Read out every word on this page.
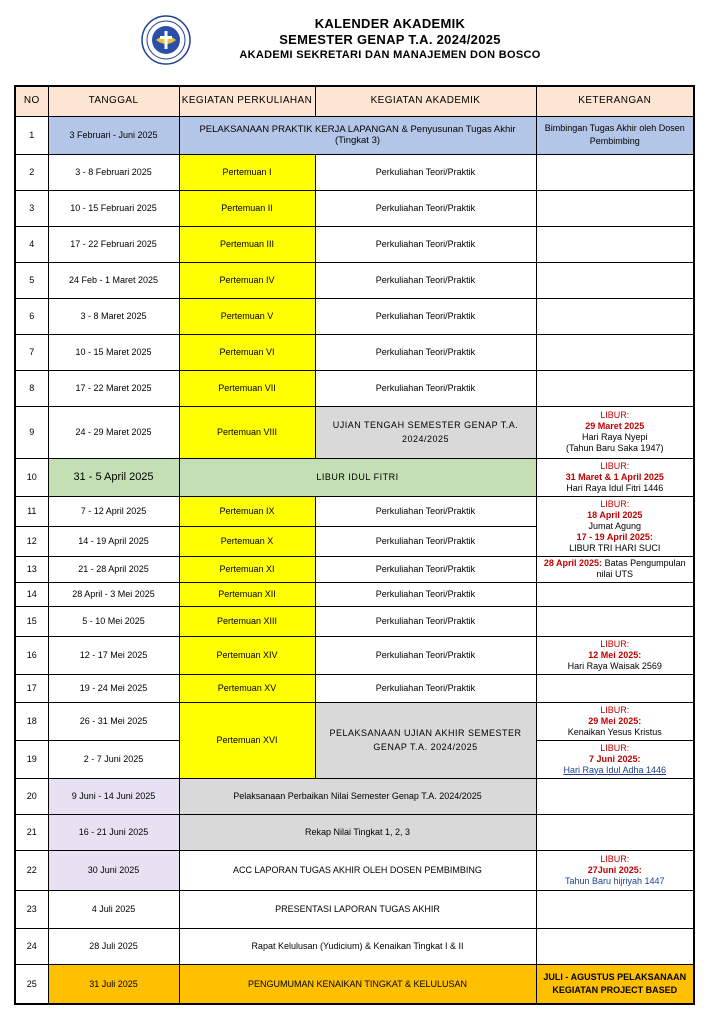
KALENDER AKADEMIK
SEMESTER GENAP T.A. 2024/2025
AKADEMI SEKRETARI DAN MANAJEMEN DON BOSCO
NO	TANGGAL	KEGIATAN PERKULIAHAN	KEGIATAN AKADEMIK	KETERANGAN
1	3 Februari - Juni 2025	PELAKSANAAN PRAKTIK KERJA LAPANGAN & Penyusunan Tugas Akhir (Tingkat 3)		Bimbingan Tugas Akhir oleh Dosen Pembimbing
2	3 - 8 Februari 2025	Pertemuan I	Perkuliahan Teori/Praktik	
3	10 - 15 Februari 2025	Pertemuan II	Perkuliahan Teori/Praktik	
4	17 - 22 Februari 2025	Pertemuan III	Perkuliahan Teori/Praktik	
5	24 Feb - 1 Maret 2025	Pertemuan IV	Perkuliahan Teori/Praktik	
6	3 - 8 Maret 2025	Pertemuan V	Perkuliahan Teori/Praktik	
7	10 - 15 Maret 2025	Pertemuan VI	Perkuliahan Teori/Praktik	
8	17 - 22 Maret 2025	Pertemuan VII	Perkuliahan Teori/Praktik	
9	24 - 29 Maret 2025	Pertemuan VIII	UJIAN TENGAH SEMESTER GENAP T.A. 2024/2025	LIBUR:
29 Maret 2025
Hari Raya Nyepi
(Tahun Baru Saka 1947)

10	31 - 5 April 2025	LIBUR IDUL FITRI		LIBUR:
31 Maret & 1 April 2025
Hari Raya Idul Fitri 1446

11	7 - 12 April 2025	Pertemuan IX	Perkuliahan Teori/Praktik	LIBUR:
18 April 2025
Jumat Agung
17 - 19 April 2025:
LIBUR TRI HARI SUCI

12	14 - 19 April 2025	Pertemuan X	Perkuliahan Teori/Praktik	
13	21 - 28 April 2025	Pertemuan XI	Perkuliahan Teori/Praktik	28 April 2025: Batas Pengumpulan nilai UTS
14	28 April - 3 Mei 2025	Pertemuan XII	Perkuliahan Teori/Praktik	
15	5 - 10 Mei 2025	Pertemuan XIII	Perkuliahan Teori/Praktik	
16	12 - 17 Mei 2025	Pertemuan XIV	Perkuliahan Teori/Praktik	LIBUR:
12 Mei 2025:
Hari Raya Waisak 2569

17	19 - 24 Mei 2025	Pertemuan XV	Perkuliahan Teori/Praktik	
18	26 - 31 Mei 2025	Pertemuan XVI	PELAKSANAAN UJIAN AKHIR SEMESTER GENAP T.A. 2024/2025	LIBUR:
29 Mei 2025:
Kenaikan Yesus Kristus

19	2 - 7 Juni 2025			LIBUR:
7 Juni 2025:
Hari Raya Idul Adha 1446

20	9 Juni - 14 Juni 2025	Pelaksanaan Perbaikan Nilai Semester Genap T.A. 2024/2025		
21	16 - 21 Juni 2025	Rekap Nilai Tingkat 1, 2, 3		
22	30 Juni 2025	ACC LAPORAN TUGAS AKHIR OLEH DOSEN PEMBIMBING		LIBUR:
27Juni 2025:
Tahun Baru hijriyah 1447

23	4 Juli 2025	PRESENTASI LAPORAN TUGAS AKHIR		
24	28 Juli 2025	Rapat Kelulusan (Yudicium) & Kenaikan Tingkat I & II		
25	31 Juli 2025	PENGUMUMAN KENAIKAN TINGKAT & KELULUSAN		JULI - AGUSTUS PELAKSANAAN KEGIATAN PROJECT BASED
